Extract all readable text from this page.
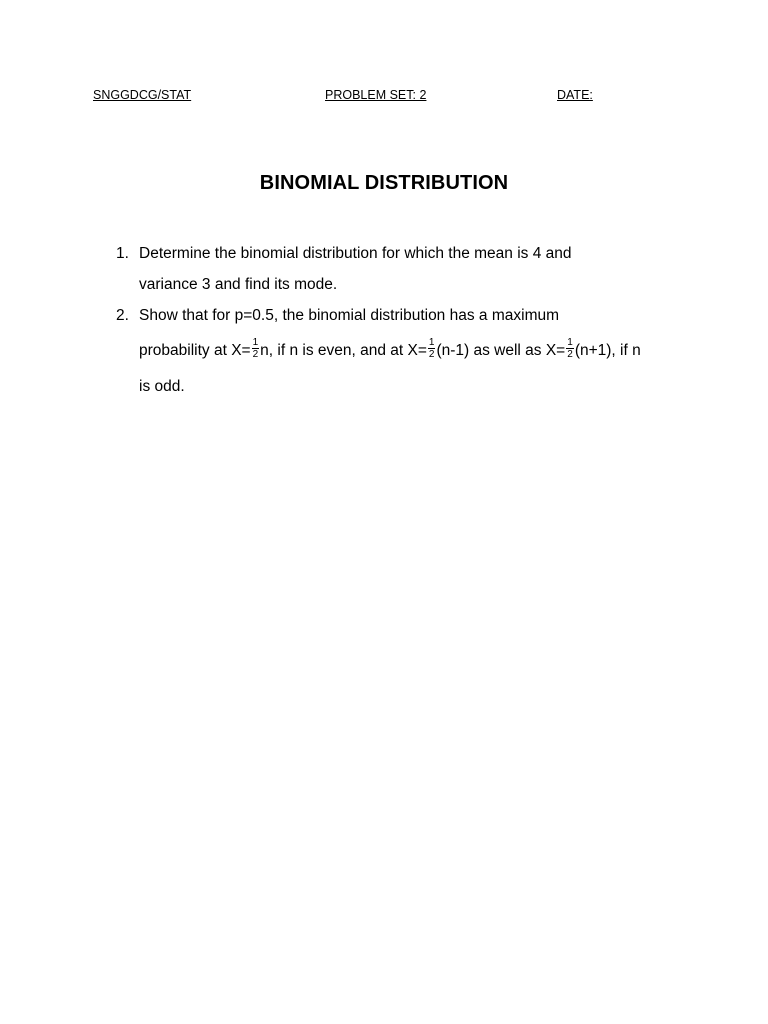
SNGGDCG/STAT	PROBLEM SET: 2	DATE:
BINOMIAL DISTRIBUTION
1. Determine the binomial distribution for which the mean is 4 and
variance 3 and find its mode.
2. Show that for p=0.5, the binomial distribution has a maximum
probability at $X= \frac{1}{2} n$, if n is even, and at $X= \frac{1}{2} (n-1)$ as well as $X= \frac{1}{2} (n+1)$, if n
is odd.
